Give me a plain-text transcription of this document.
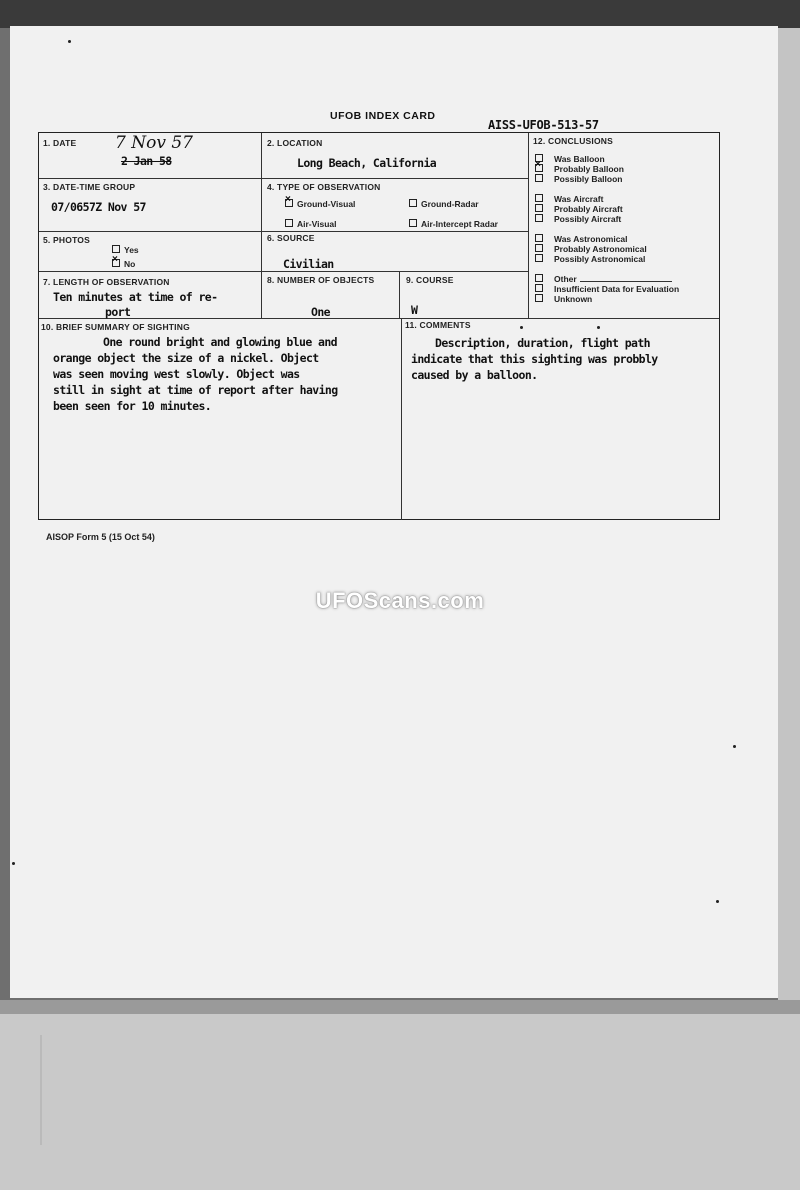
UFOB INDEX CARD
AISS-UFOB-513-57
1. DATE	2. LOCATION	12. CONCLUSIONS
3. DATE-TIME GROUP	4. TYPE OF OBSERVATION
5. PHOTOS	6. SOURCE
7. LENGTH OF OBSERVATION	8. NUMBER OF OBJECTS	9. COURSE
10. BRIEF SUMMARY OF SIGHTING	11. COMMENTS
7 Nov 57
2 Jan 58	Long Beach, California
07/0657Z Nov 57
×	Ground-Visual	Ground-Radar
Air-Visual	Air-Intercept Radar
Yes
×No	Civilian
Ten minutes at time of re-
port	One	W
One round bright and glowing blue and
orange object the size of a nickel. Object
was seen moving west slowly. Object was
still in sight at time of report after having
been seen for 10 minutes.
Description, duration, flight path
indicate that this sighting was probbly
caused by a balloon.
Was Balloon
×Probably Balloon
Possibly Balloon
Was Aircraft
Probably Aircraft
Possibly Aircraft
Was Astronomical
Probably Astronomical
Possibly Astronomical
Other
Insufficient Data for Evaluation
Unknown
AISOP Form 5 (15 Oct 54)
UFOScans.com
